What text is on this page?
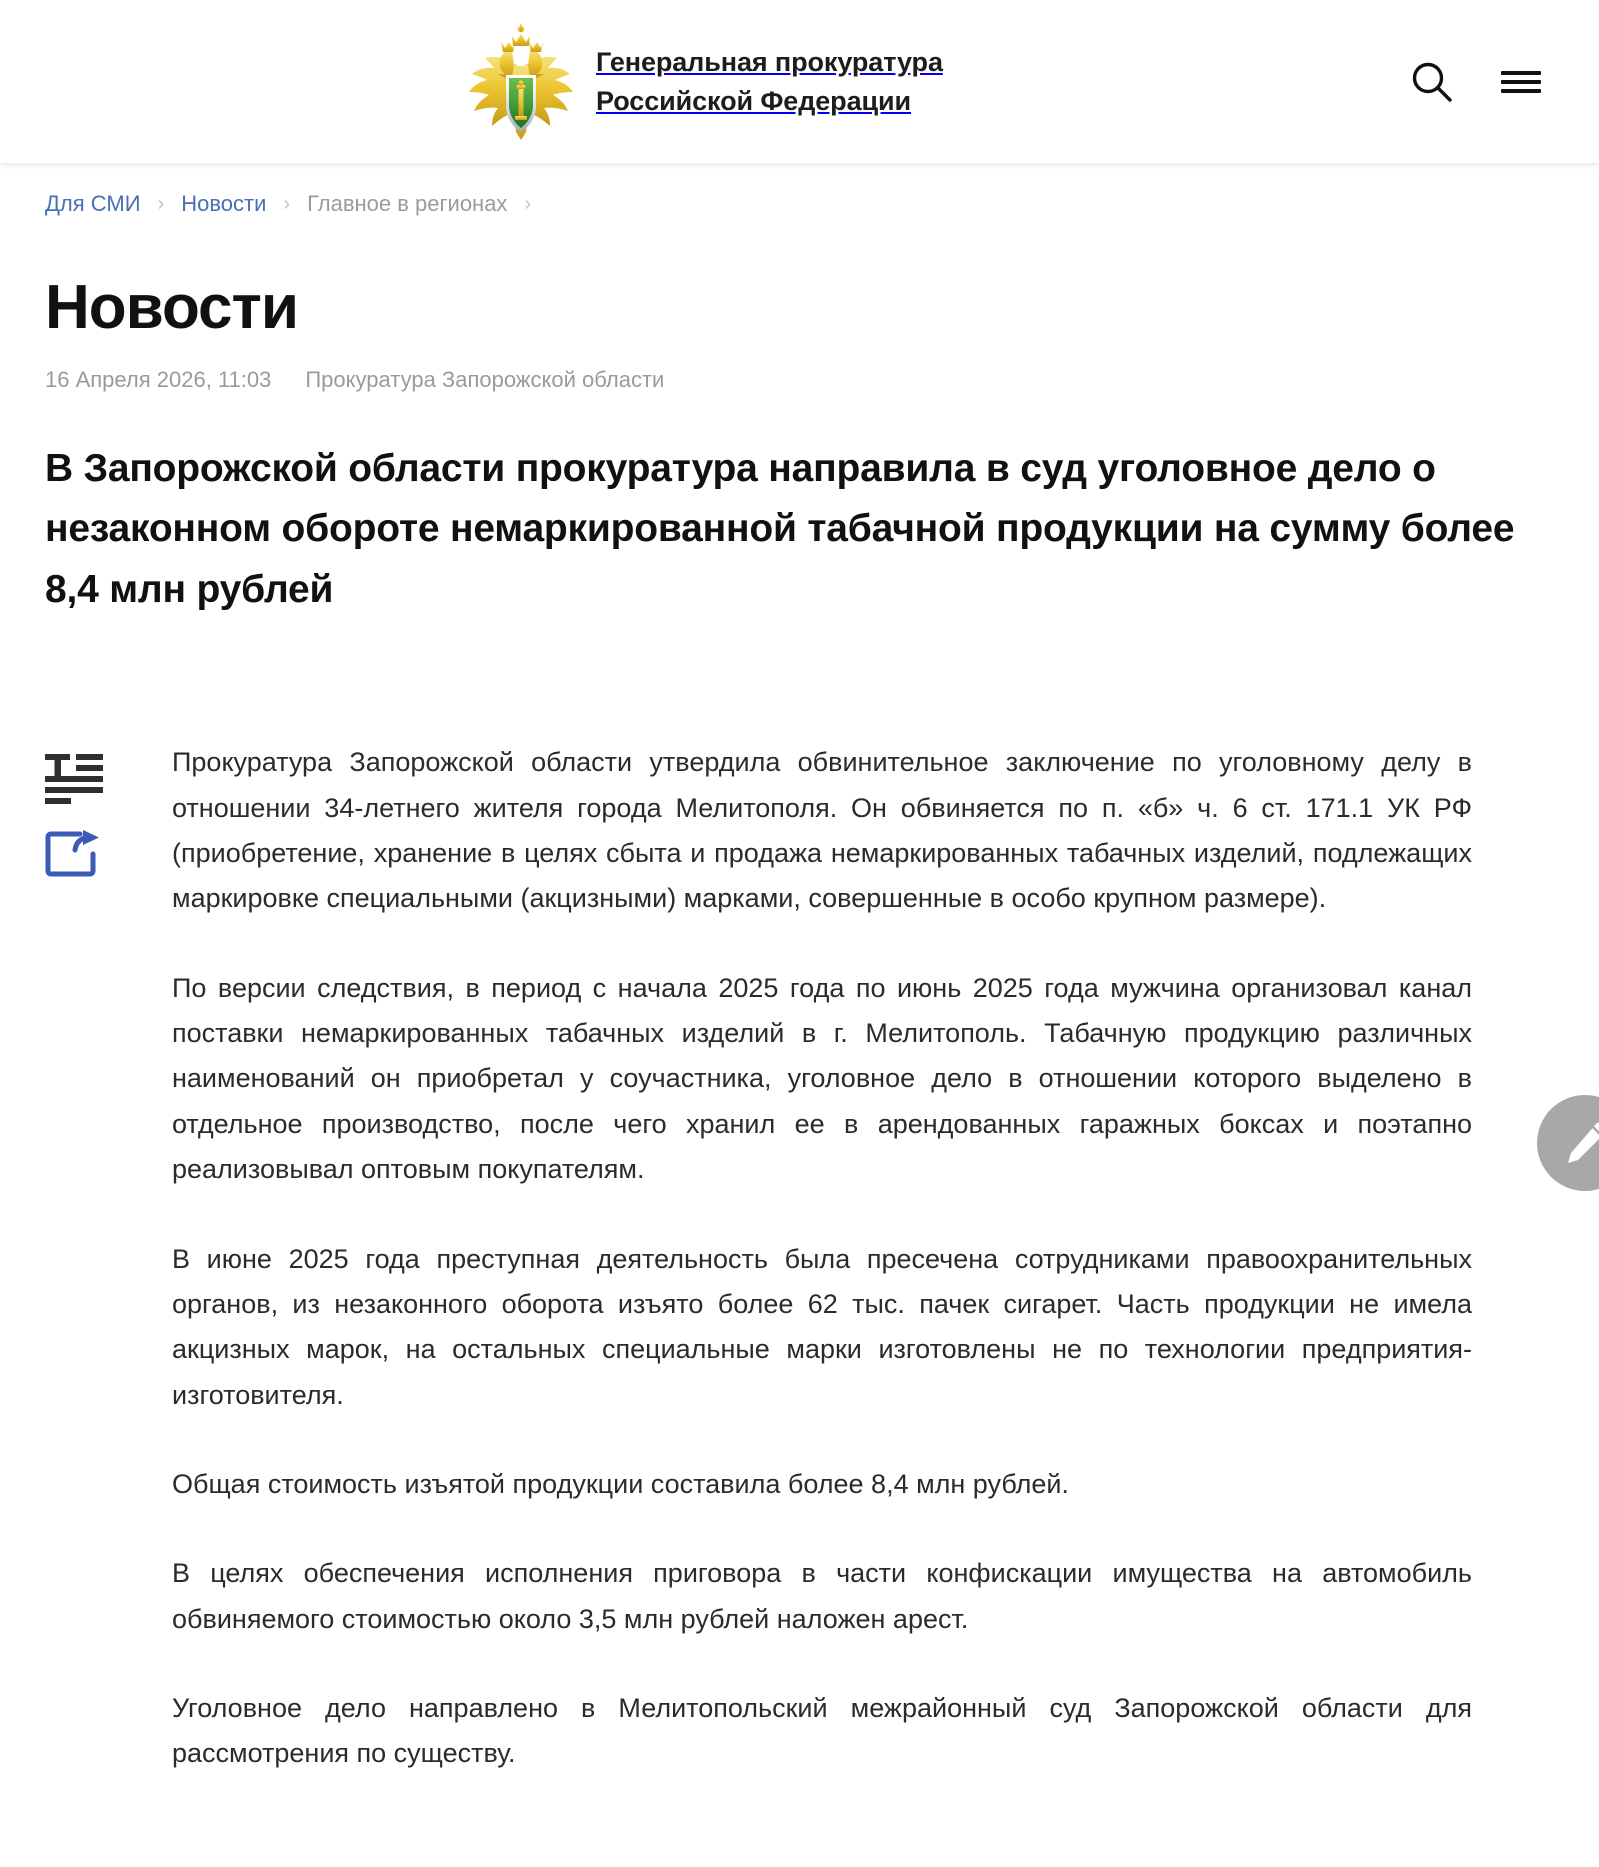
Генеральная прокуратура
Российской Федерации
Для СМИ › Новости › Главное в регионах ›
Новости
16 Апреля 2026, 11:03 Прокуратура Запорожской области
В Запорожской области прокуратура направила в суд уголовное дело о незаконном обороте немаркированной табачной продукции на сумму более 8,4 млн рублей

Прокуратура Запорожской области утвердила обвинительное заключение по уголовному делу в отношении 34-летнего жителя города Мелитополя. Он обвиняется по п. «б» ч. 6 ст. 171.1 УК РФ (приобретение, хранение в целях сбыта и продажа немаркированных табачных изделий, подлежащих маркировке специальными (акцизными) марками, совершенные в особо крупном размере).

По версии следствия, в период с начала 2025 года по июнь 2025 года мужчина организовал канал поставки немаркированных табачных изделий в г. Мелитополь. Табачную продукцию различных наименований он приобретал у соучастника, уголовное дело в отношении которого выделено в отдельное производство, после чего хранил ее в арендованных гаражных боксах и поэтапно реализовывал оптовым покупателям.

В июне 2025 года преступная деятельность была пресечена сотрудниками правоохранительных органов, из незаконного оборота изъято более 62 тыс. пачек сигарет. Часть продукции не имела акцизных марок, на остальных специальные марки изготовлены не по технологии предприятия-изготовителя.

Общая стоимость изъятой продукции составила более 8,4 млн рублей.

В целях обеспечения исполнения приговора в части конфискации имущества на автомобиль обвиняемого стоимостью около 3,5 млн рублей наложен арест.

Уголовное дело направлено в Мелитопольский межрайонный суд Запорожской области для рассмотрения по существу.
